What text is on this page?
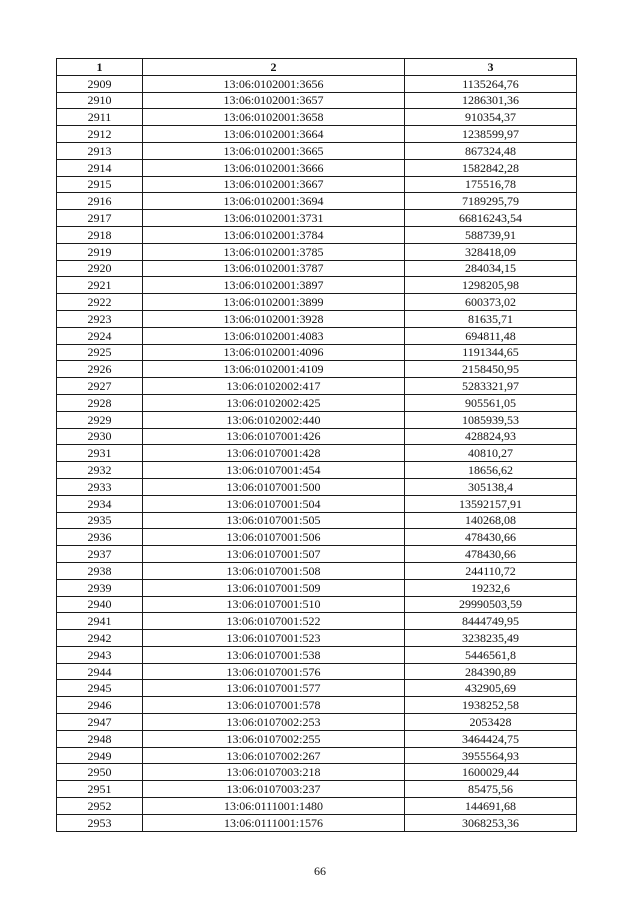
1	2	3
2909	13:06:0102001:3656	1135264,76
2910	13:06:0102001:3657	1286301,36
2911	13:06:0102001:3658	910354,37
2912	13:06:0102001:3664	1238599,97
2913	13:06:0102001:3665	867324,48
2914	13:06:0102001:3666	1582842,28
2915	13:06:0102001:3667	175516,78
2916	13:06:0102001:3694	7189295,79
2917	13:06:0102001:3731	66816243,54
2918	13:06:0102001:3784	588739,91
2919	13:06:0102001:3785	328418,09
2920	13:06:0102001:3787	284034,15
2921	13:06:0102001:3897	1298205,98
2922	13:06:0102001:3899	600373,02
2923	13:06:0102001:3928	81635,71
2924	13:06:0102001:4083	694811,48
2925	13:06:0102001:4096	1191344,65
2926	13:06:0102001:4109	2158450,95
2927	13:06:0102002:417	5283321,97
2928	13:06:0102002:425	905561,05
2929	13:06:0102002:440	1085939,53
2930	13:06:0107001:426	428824,93
2931	13:06:0107001:428	40810,27
2932	13:06:0107001:454	18656,62
2933	13:06:0107001:500	305138,4
2934	13:06:0107001:504	13592157,91
2935	13:06:0107001:505	140268,08
2936	13:06:0107001:506	478430,66
2937	13:06:0107001:507	478430,66
2938	13:06:0107001:508	244110,72
2939	13:06:0107001:509	19232,6
2940	13:06:0107001:510	29990503,59
2941	13:06:0107001:522	8444749,95
2942	13:06:0107001:523	3238235,49
2943	13:06:0107001:538	5446561,8
2944	13:06:0107001:576	284390,89
2945	13:06:0107001:577	432905,69
2946	13:06:0107001:578	1938252,58
2947	13:06:0107002:253	2053428
2948	13:06:0107002:255	3464424,75
2949	13:06:0107002:267	3955564,93
2950	13:06:0107003:218	1600029,44
2951	13:06:0107003:237	85475,56
2952	13:06:0111001:1480	144691,68
2953	13:06:0111001:1576	3068253,36
66
